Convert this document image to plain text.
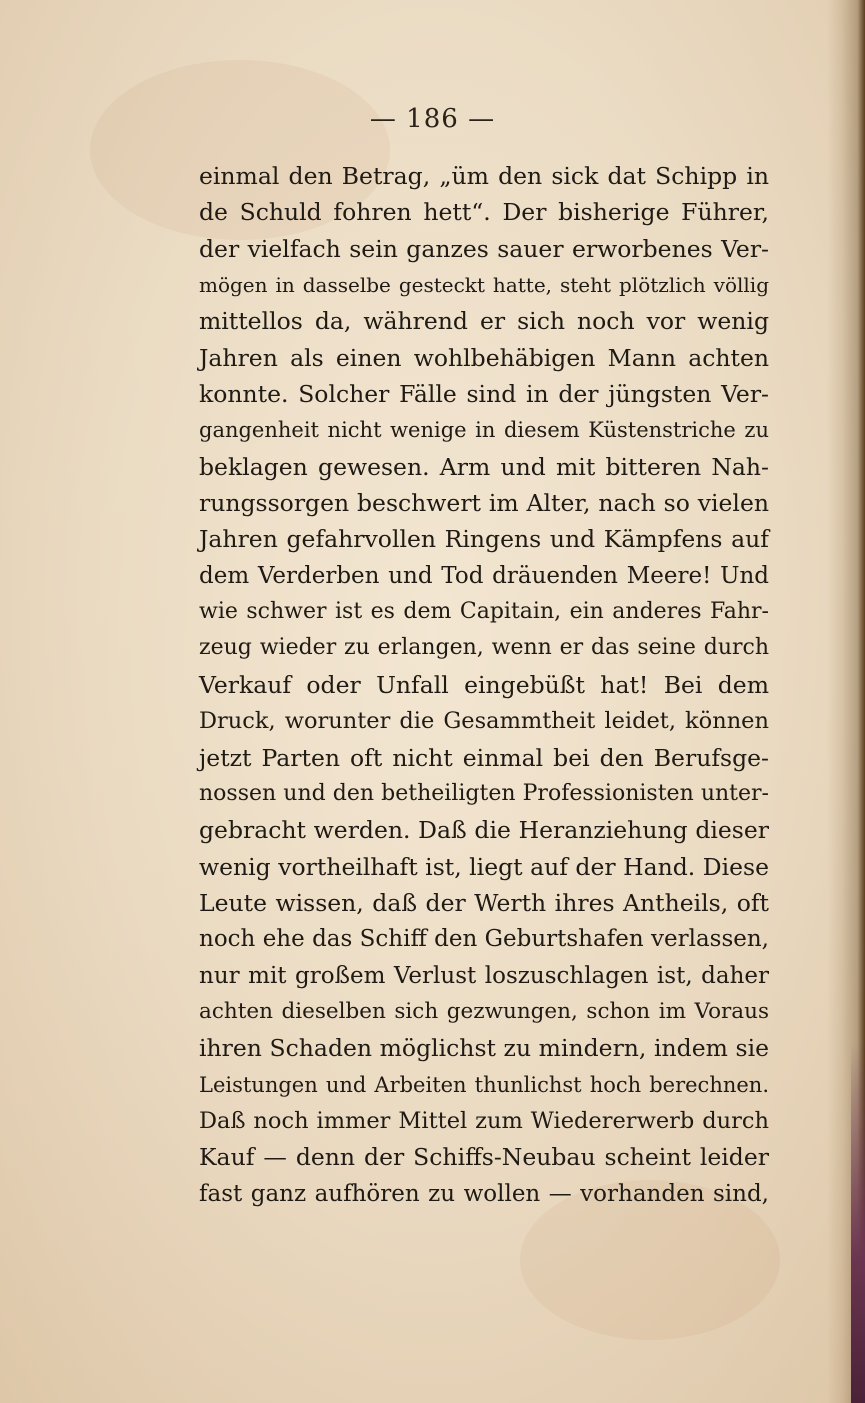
— 186 —
einmal den Betrag, „üm den sick dat Schipp in
de Schuld fohren hett“. Der bisherige Führer,
der vielfach sein ganzes sauer erworbenes Ver-
mögen in dasselbe gesteckt hatte, steht plötzlich völlig
mittellos da, während er sich noch vor wenig
Jahren als einen wohlbehäbigen Mann achten
konnte. Solcher Fälle sind in der jüngsten Ver-
gangenheit nicht wenige in diesem Küstenstriche zu
beklagen gewesen. Arm und mit bitteren Nah-
rungssorgen beschwert im Alter, nach so vielen
Jahren gefahrvollen Ringens und Kämpfens auf
dem Verderben und Tod dräuenden Meere! Und
wie schwer ist es dem Capitain, ein anderes Fahr-
zeug wieder zu erlangen, wenn er das seine durch
Verkauf oder Unfall eingebüßt hat! Bei dem
Druck, worunter die Gesammtheit leidet, können
jetzt Parten oft nicht einmal bei den Berufsge-
nossen und den betheiligten Professionisten unter-
gebracht werden. Daß die Heranziehung dieser
wenig vortheilhaft ist, liegt auf der Hand. Diese
Leute wissen, daß der Werth ihres Antheils, oft
noch ehe das Schiff den Geburtshafen verlassen,
nur mit großem Verlust loszuschlagen ist, daher
achten dieselben sich gezwungen, schon im Voraus
ihren Schaden möglichst zu mindern, indem sie
Leistungen und Arbeiten thunlichst hoch berechnen.
Daß noch immer Mittel zum Wiedererwerb durch
Kauf — denn der Schiffs-Neubau scheint leider
fast ganz aufhören zu wollen — vorhanden sind,
